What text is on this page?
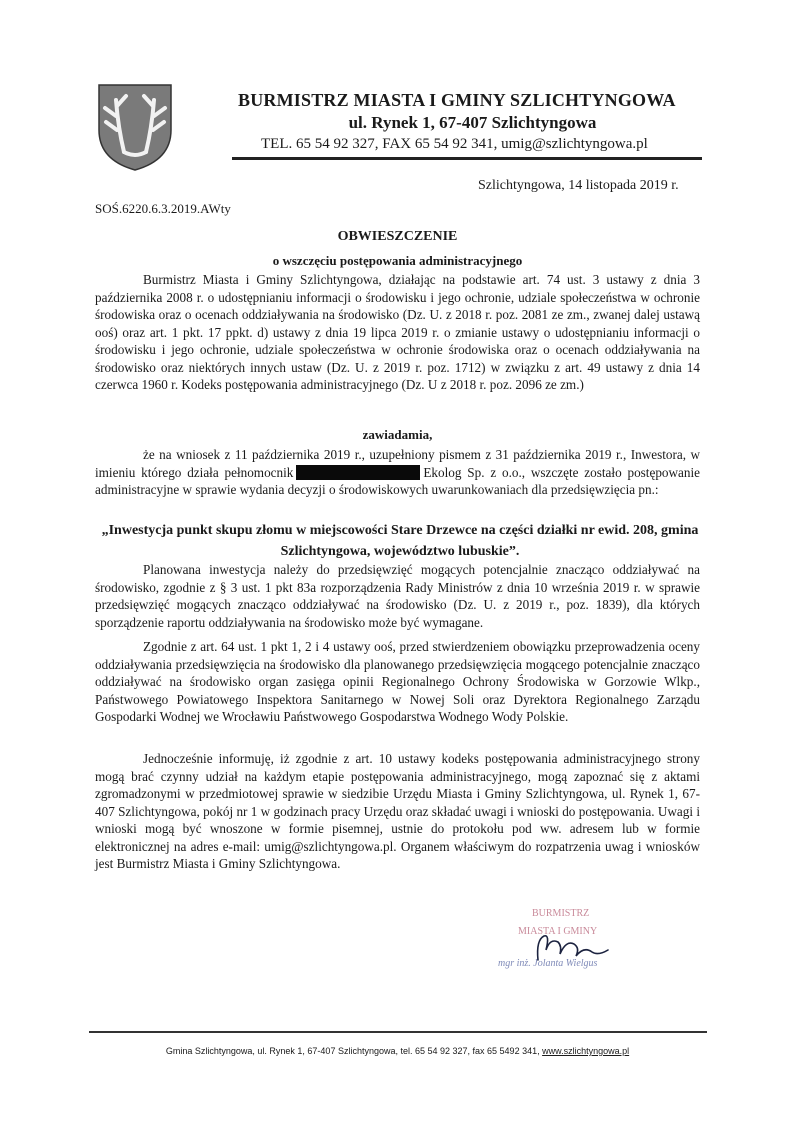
BURMISTRZ MIASTA I GMINY SZLICHTYNGOWA
ul. Rynek 1, 67-407 Szlichtyngowa
TEL. 65 54 92 327, FAX 65 54 92 341, umig@szlichtyngowa.pl
Szlichtyngowa, 14 listopada 2019 r.
SOŚ.6220.6.3.2019.AWty
OBWIESZCZENIE
o wszczęciu postępowania administracyjnego

Burmistrz Miasta i Gminy Szlichtyngowa, działając na podstawie art. 74 ust. 3 ustawy z dnia 3 października 2008 r. o udostępnianiu informacji o środowisku i jego ochronie, udziale społeczeństwa w ochronie środowiska oraz o ocenach oddziaływania na środowisko (Dz. U. z 2018 r. poz. 2081 ze zm., zwanej dalej ustawą ooś) oraz art. 1 pkt. 17 ppkt. d) ustawy z dnia 19 lipca 2019 r. o zmianie ustawy o udostępnianiu informacji o środowisku i jego ochronie, udziale społeczeństwa w ochronie środowiska oraz o ocenach oddziaływania na środowisko oraz niektórych innych ustaw (Dz. U. z 2019 r. poz. 1712) w związku z art. 49 ustawy z dnia 14 czerwca 1960 r. Kodeks postępowania administracyjnego (Dz. U z 2018 r. poz. 2096 ze zm.)

zawiadamia,

że na wniosek z 11 października 2019 r., uzupełniony pismem z 31 października 2019 r., Inwestora, w imieniu którego działa pełnomocnik	Ekolog Sp. z o.o., wszczęte zostało postępowanie administracyjne w sprawie wydania decyzji o środowiskowych uwarunkowaniach dla przedsięwzięcia pn.:

„Inwestycja punkt skupu złomu w miejscowości Stare Drzewce na części działki nr ewid. 208, gmina Szlichtyngowa, województwo lubuskie”.

Planowana inwestycja należy do przedsięwzięć mogących potencjalnie znacząco oddziaływać na środowisko, zgodnie z § 3 ust. 1 pkt 83a rozporządzenia Rady Ministrów z dnia 10 września 2019 r. w sprawie przedsięwzięć mogących znacząco oddziaływać na środowisko (Dz. U. z 2019 r., poz. 1839), dla których sporządzenie raportu oddziaływania na środowisko może być wymagane.

Zgodnie z art. 64 ust. 1 pkt 1, 2 i 4 ustawy ooś, przed stwierdzeniem obowiązku przeprowadzenia oceny oddziaływania przedsięwzięcia na środowisko dla planowanego przedsięwzięcia mogącego potencjalnie znacząco oddziaływać na środowisko organ zasięga opinii Regionalnego Ochrony Środowiska w Gorzowie Wlkp., Państwowego Powiatowego Inspektora Sanitarnego w Nowej Soli oraz Dyrektora Regionalnego Zarządu Gospodarki Wodnej we Wrocławiu Państwowego Gospodarstwa Wodnego Wody Polskie.

Jednocześnie informuję, iż zgodnie z art. 10 ustawy kodeks postępowania administracyjnego strony mogą brać czynny udział na każdym etapie postępowania administracyjnego, mogą zapoznać się z aktami zgromadzonymi w przedmiotowej sprawie w siedzibie Urzędu Miasta i Gminy Szlichtyngowa, ul. Rynek 1, 67-407 Szlichtyngowa, pokój nr 1 w godzinach pracy Urzędu oraz składać uwagi i wnioski do postępowania. Uwagi i wnioski mogą być wnoszone w formie pisemnej, ustnie do protokołu pod ww. adresem lub w formie elektronicznej na adres e-mail: umig@szlichtyngowa.pl. Organem właściwym do rozpatrzenia uwag i wniosków jest Burmistrz Miasta i Gminy Szlichtyngowa.

BURMISTRZ
MIASTA I GMINY
mgr inż. Jolanta Wielgus
Gmina Szlichtyngowa, ul. Rynek 1, 67-407 Szlichtyngowa, tel. 65 54 92 327, fax 65 5492 341, www.szlichtyngowa.pl
